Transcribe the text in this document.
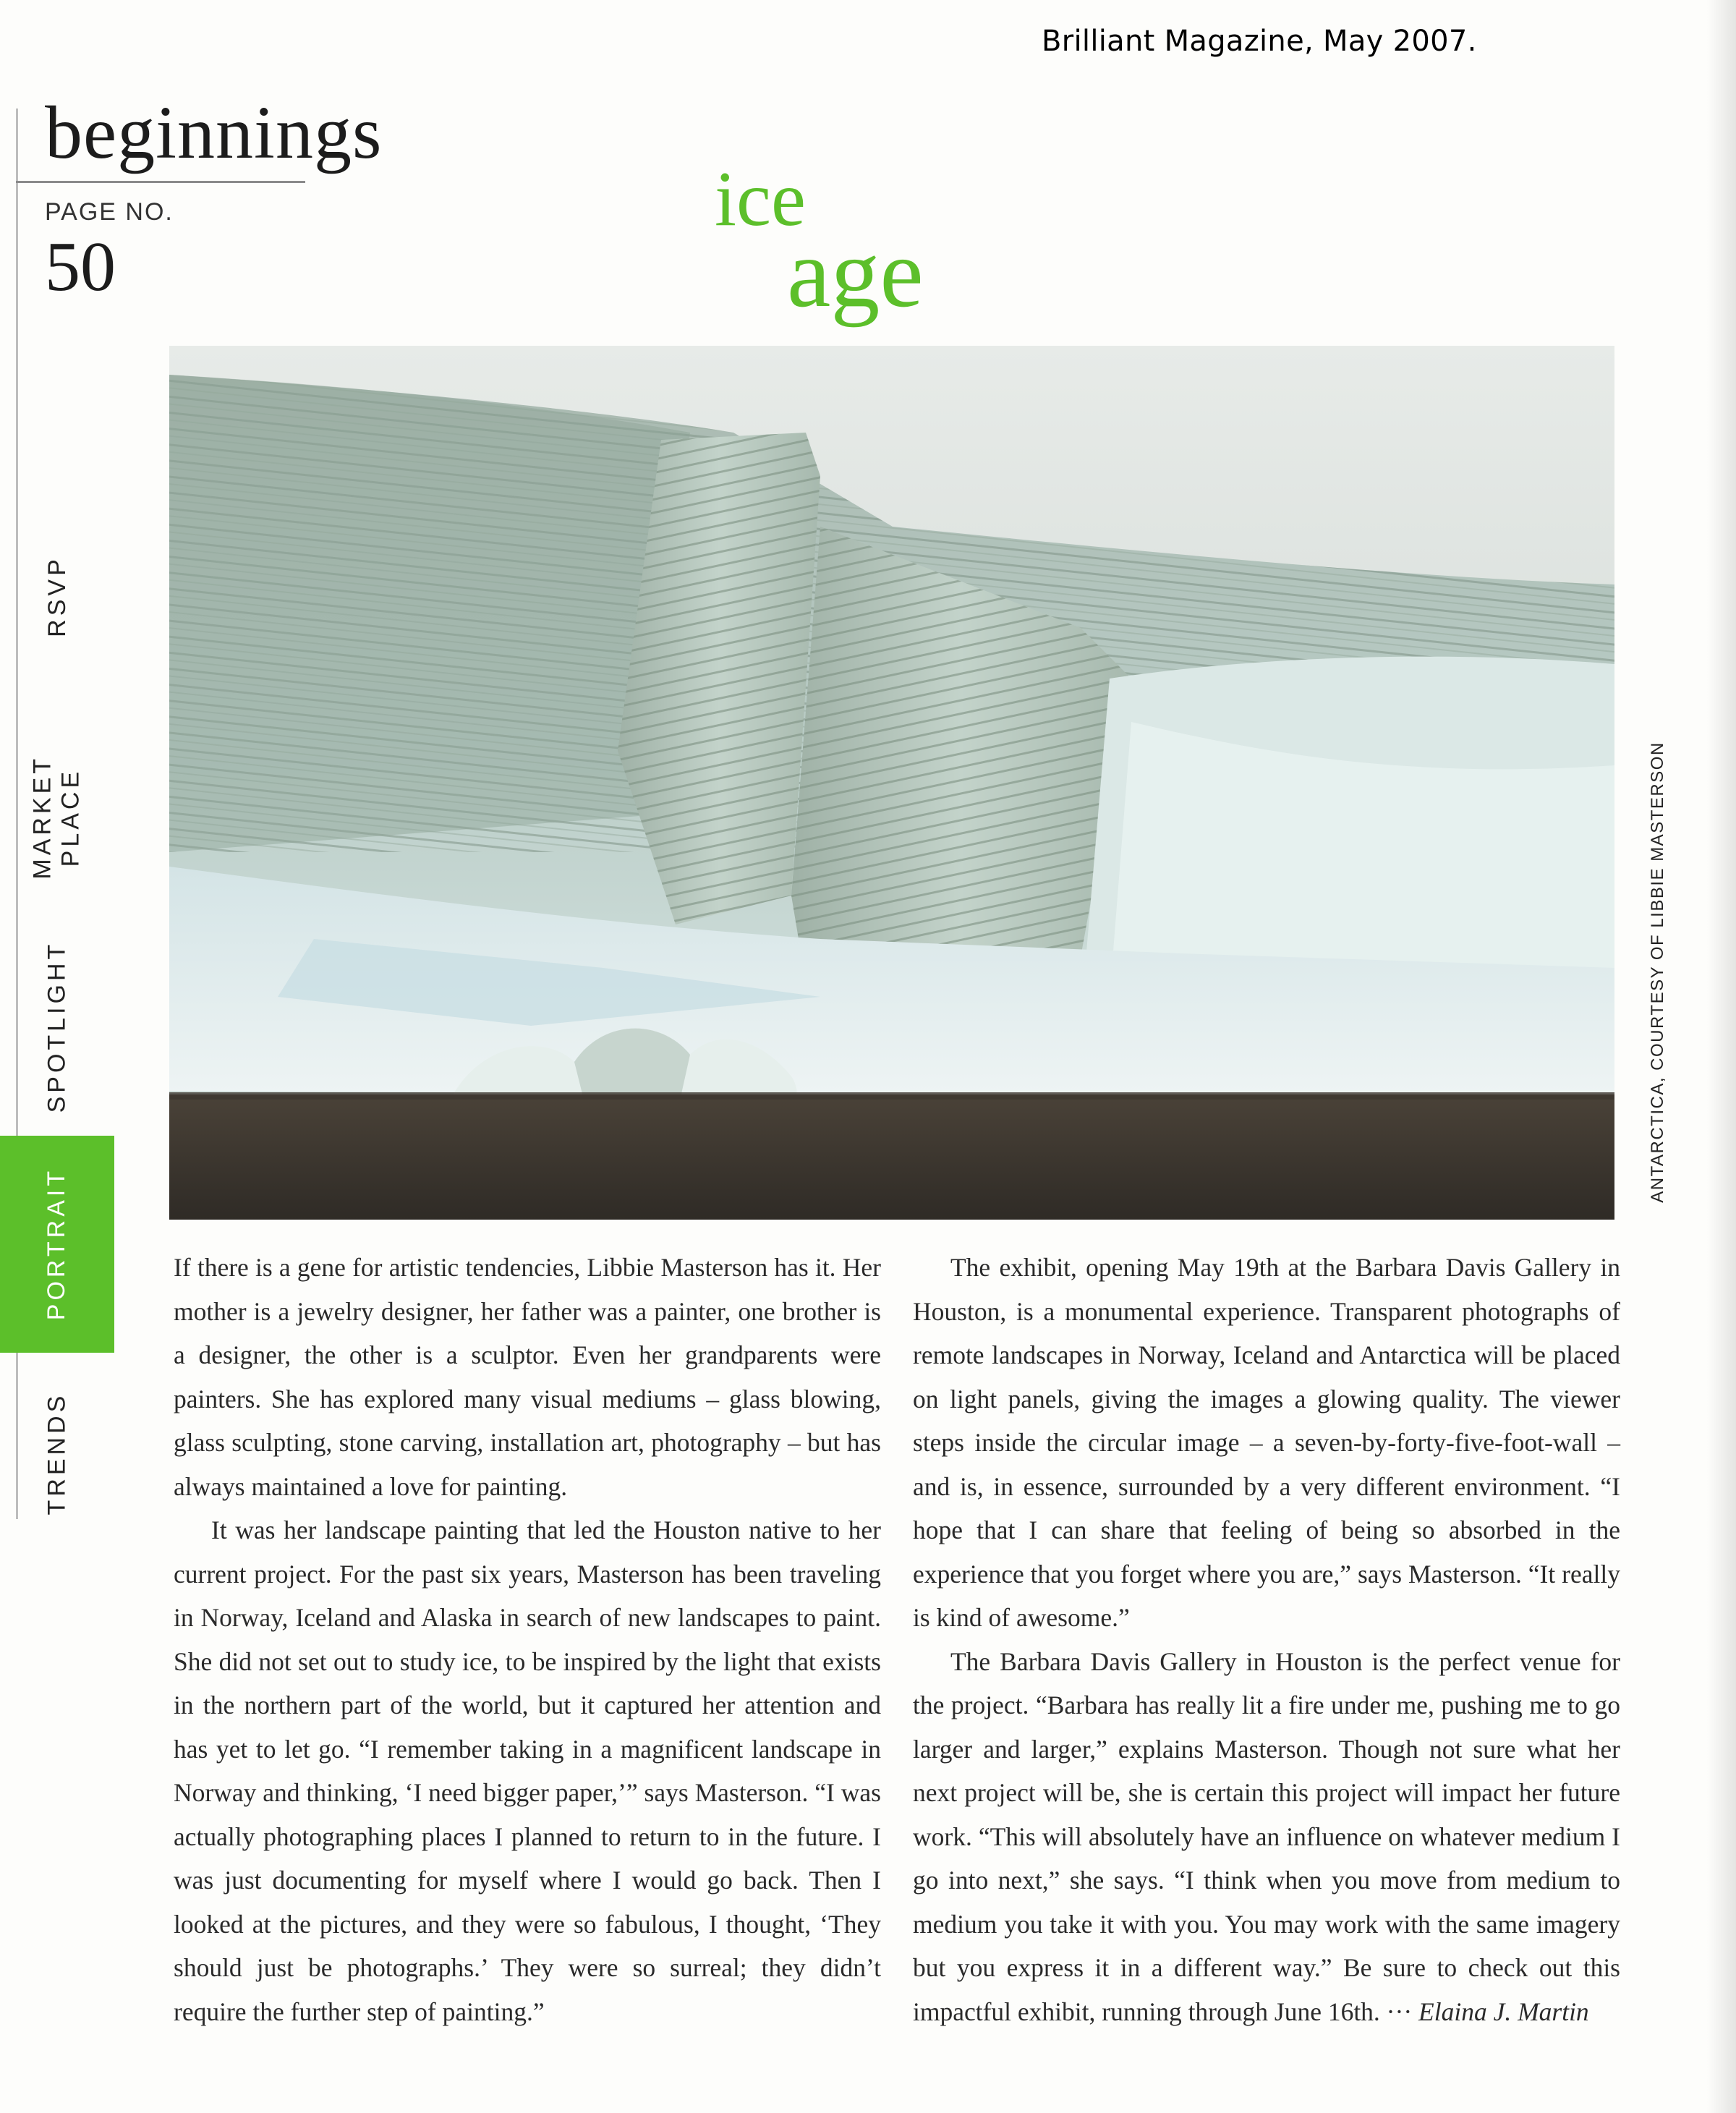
Brilliant Magazine, May 2007.
beginnings
PAGE NO.
50
ice
age
RSVP
MARKET PLACE
SPOTLIGHT
PORTRAIT
TRENDS
ANTARCTICA, COURTESY OF LIBBIE MASTERSON

If there is a gene for artistic tendencies, Libbie Masterson has it. Her mother is a jewelry designer, her father was a painter, one brother is a designer, the other is a sculptor. Even her grandparents were painters. She has explored many visual mediums – glass blowing, glass sculpting, stone carving, installation art, photography – but has always maintained a love for painting.

It was her landscape painting that led the Houston native to her current project. For the past six years, Masterson has been traveling in Norway, Iceland and Alaska in search of new landscapes to paint. She did not set out to study ice, to be inspired by the light that exists in the northern part of the world, but it captured her attention and has yet to let go. “I remember taking in a magnificent landscape in Norway and thinking, ‘I need bigger paper,’” says Masterson. “I was actually photographing places I planned to return to in the future. I was just documenting for myself where I would go back. Then I looked at the pictures, and they were so fabulous, I thought, ‘They should just be photographs.’ They were so surreal; they didn’t require the further step of painting.”

The exhibit, opening May 19th at the Barbara Davis Gallery in Houston, is a monumental experience. Transparent photographs of remote landscapes in Norway, Iceland and Antarctica will be placed on light panels, giving the images a glowing quality. The viewer steps inside the circular image – a seven-by-forty-five-foot-wall – and is, in essence, surrounded by a very different environment. “I hope that I can share that feeling of being so absorbed in the experience that you forget where you are,” says Masterson. “It really is kind of awesome.”

The Barbara Davis Gallery in Houston is the perfect venue for the project. “Barbara has really lit a fire under me, pushing me to go larger and larger,” explains Masterson. Though not sure what her next project will be, she is certain this project will impact her future work. “This will absolutely have an influence on whatever medium I go into next,” she says. “I think when you move from medium to medium you take it with you. You may work with the same imagery but you express it in a different way.” Be sure to check out this impactful exhibit, running through June 16th. ··· Elaina J. Martin
